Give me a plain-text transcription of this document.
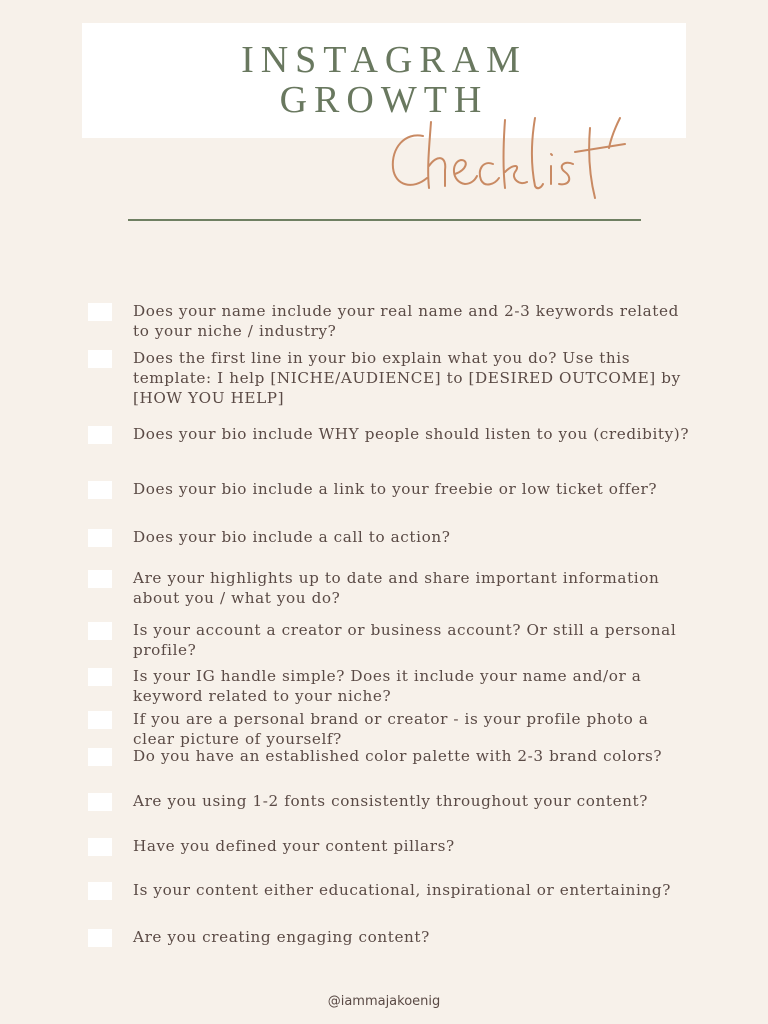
INSTAGRAM
GROWTH
Does your name include your real name and 2-3 keywords related to your niche / industry?
Does the first line in your bio explain what you do? Use this template: I help [NICHE/AUDIENCE] to [DESIRED OUTCOME] by [HOW YOU HELP]
Does your bio include WHY people should listen to you (credibity)?
Does your bio include a link to your freebie or low ticket offer?
Does your bio include a call to action?
Are your highlights up to date and share important information about you / what you do?
Is your account a creator or business account? Or still a personal profile?
Is your IG handle simple? Does it include your name and/or a keyword related to your niche?
If you are a personal brand or creator - is your profile photo a clear picture of yourself?
Do you have an established color palette with 2-3 brand colors?
Are you using 1-2 fonts consistently throughout your content?
Have you defined your content pillars?
Is your content either educational, inspirational or entertaining?
Are you creating engaging content?
@iammajakoenig
